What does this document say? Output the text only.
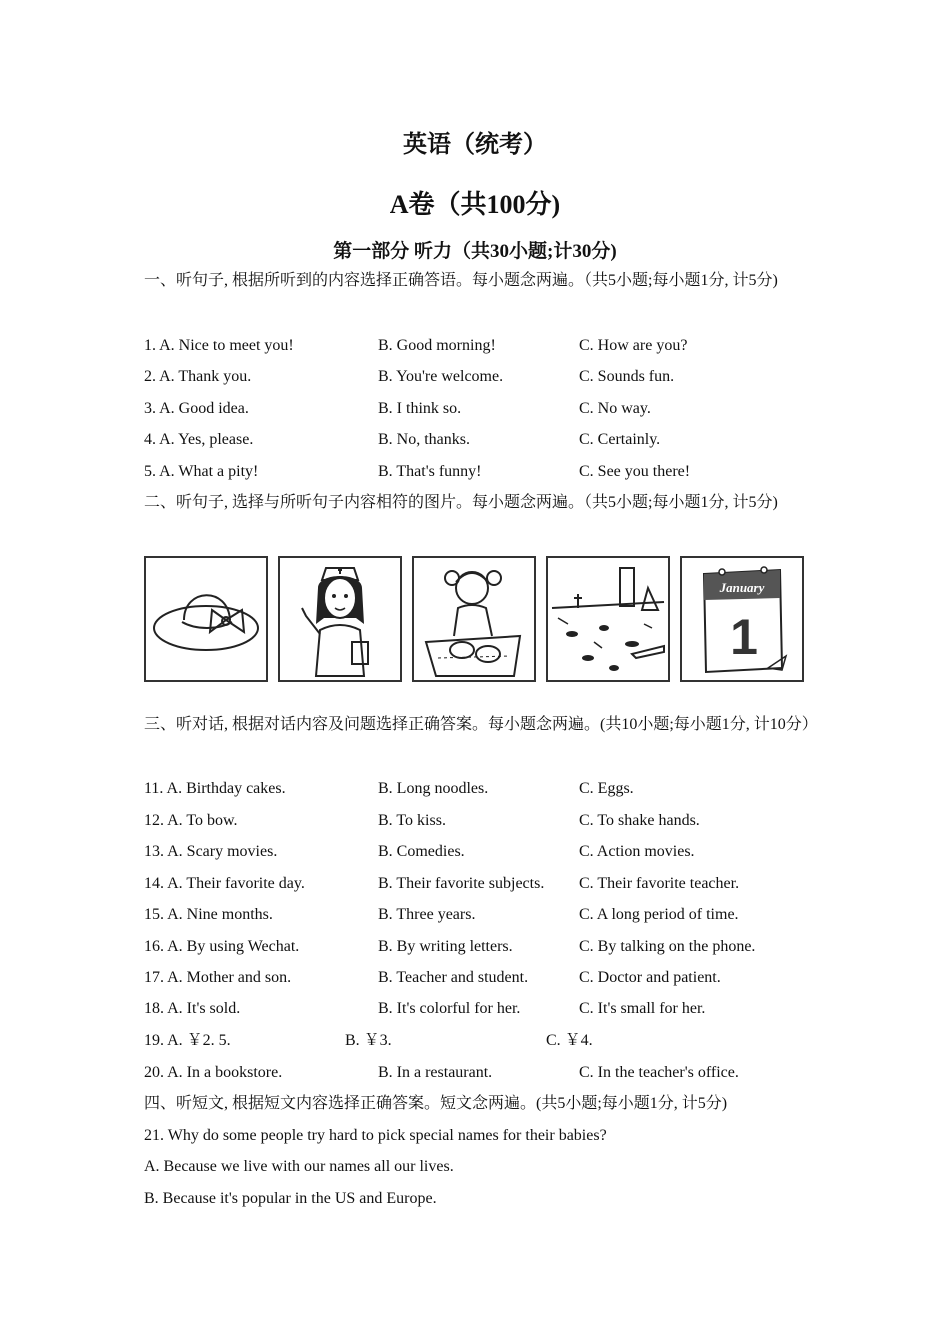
英语（统考）
A卷（共100分)
第一部分 听力（共30小题;计30分)
一、听句子, 根据所听到的内容选择正确答语。每小题念两遍。（共5小题;每小题1分, 计5分)
1. A. Nice to meet you!	B. Good morning!	C. How are you?
2. A. Thank you.	B. You're welcome.	C. Sounds fun.
3. A. Good idea.	B. I think so.	C. No way.
4. A. Yes, please.	B. No, thanks.	C. Certainly.
5. A. What a pity!	B. That's funny!	C. See you there!
二、听句子, 选择与所听句子内容相符的图片。每小题念两遍。（共5小题;每小题1分, 计5分)
January
1
三、听对话, 根据对话内容及问题选择正确答案。每小题念两遍。(共10小题;每小题1分, 计10分）
11. A. Birthday cakes.	B. Long noodles.	C. Eggs.
12. A. To bow.	B. To kiss.	C. To shake hands.
13. A. Scary movies.	B. Comedies.	C. Action movies.
14. A. Their favorite day.	B. Their favorite subjects. C. Their favorite teacher.
15. A. Nine months.	B. Three years.	C. A long period of time.
16. A. By using Wechat.	B. By writing letters.	C. By talking on the phone.
17. A. Mother and son.	B. Teacher and student.	C. Doctor and patient.
18. A. It's sold.	B. It's colorful for her.	C. It's small for her.
19. A. ￥2. 5.	B. ￥3.	C. ￥4.
20. A. In a bookstore.	B. In a restaurant.	C. In the teacher's office.
四、听短文, 根据短文内容选择正确答案。短文念两遍。(共5小题;每小题1分, 计5分)
21. Why do some people try hard to pick special names for their babies?
A. Because we live with our names all our lives.
B. Because it's popular in the US and Europe.
